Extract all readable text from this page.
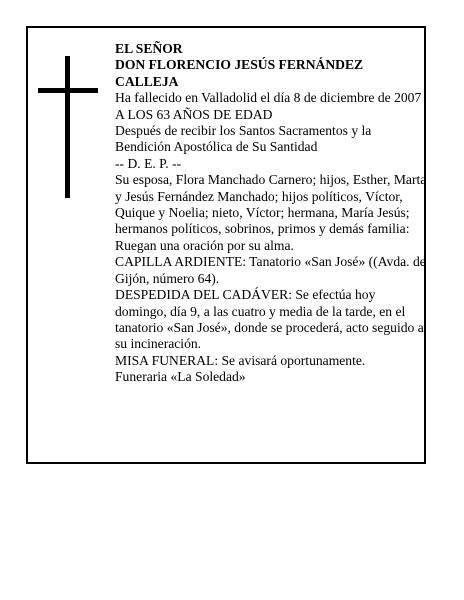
EL SEÑOR

DON FLORENCIO JESÚS FERNÁNDEZ CALLEJA

Ha fallecido en Valladolid el día 8 de diciembre de 2007

A LOS 63 AÑOS DE EDAD

Después de recibir los Santos Sacramentos y la Bendición Apostólica de Su Santidad

-- D. E. P. --

Su esposa, Flora Manchado Carnero; hijos, Esther, Marta y Jesús Fernández Manchado; hijos políticos, Víctor, Quique y Noelia; nieto, Víctor; hermana, María Jesús; hermanos políticos, sobrinos, primos y demás familia:

Ruegan una oración por su alma.

CAPILLA ARDIENTE: Tanatorio «San José» ((Avda. de Gijón, número 64).

DESPEDIDA DEL CADÁVER: Se efectúa hoy domingo, día 9, a las cuatro y media de la tarde, en el tanatorio «San José», donde se procederá, acto seguido a su incineración.

MISA FUNERAL: Se avisará oportunamente.

Funeraria «La Soledad»
